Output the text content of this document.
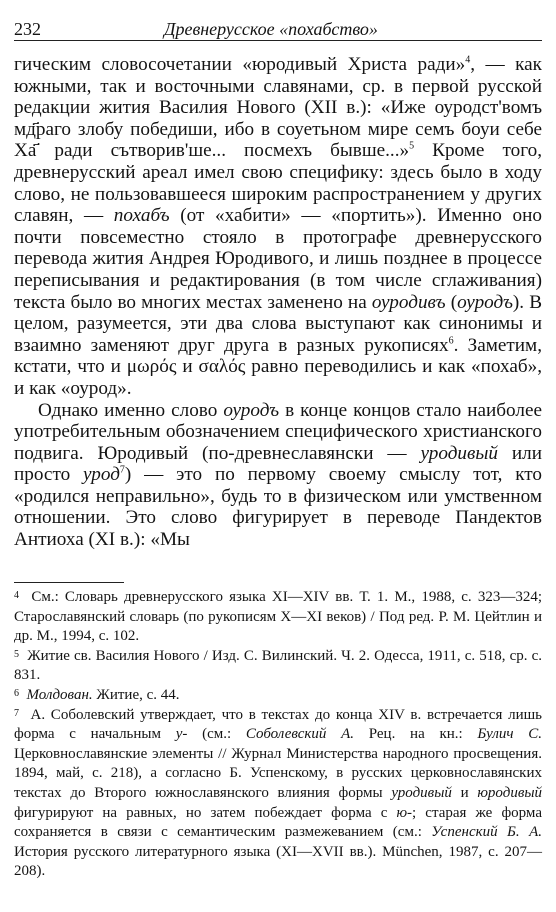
232	Древнерусское «похабство»

гическим словосочетании «юродивый Христа ради»$^4$, — как южными, так и восточными славянами, ср. в первой русской редакции жития Василия Нового (XII в.): «Иже оуродст'вомъ мд҃раго злобу победиши, ибо в соуетьном мире семъ боуи себе Ха҃ ради сътворив'ше... посмехъ бывше...»$^5$ Кроме того, древнерусский ареал имел свою специфику: здесь было в ходу слово, не пользовавшееся широким распространением у других славян, — похабъ (от «хабити» — «портить»). Именно оно почти повсеместно стояло в протографе древнерусского перевода жития Андрея Юродивого, и лишь позднее в процессе переписывания и редактирования (в том числе сглаживания) текста было во многих местах заменено на оуродивъ (оуродъ). В целом, разумеется, эти два слова выступают как синонимы и взаимно заменяют друг друга в разных рукописях$^6$. Заметим, кстати, что и μωρός и σαλός равно переводились и как «похаб», и как «оурод».

Однако именно слово оуродъ в конце концов стало наиболее употребительным обозначением специфического христианского подвига. Юродивый (по-древнеславянски — уродивый или просто урод$^7$) — это по первому своему смыслу тот, кто «родился неправильно», будь то в физическом или умственном отношении. Это слово фигурирует в переводе Пандектов Антиоха (XI в.): «Мы

$^4$ См.: Словарь древнерусского языка XI—XIV вв. Т. 1. М., 1988, с. 323—324; Старославянский словарь (по рукописям X—XI веков) / Под ред. Р. М. Цейтлин и др. М., 1994, с. 102.

$^5$ Житие св. Василия Нового / Изд. С. Вилинский. Ч. 2. Одесса, 1911, с. 518, ср. с. 831.

$^6$ Молдован. Житие, с. 44.

$^7$ А. Соболевский утверждает, что в текстах до конца XIV в. встречается лишь форма с начальным у- (см.: Соболевский А. Рец. на кн.: Булич С. Церковнославянские элементы // Журнал Министерства народного просвещения. 1894, май, с. 218), а согласно Б. Успенскому, в русских церковнославянских текстах до Второго южнославянского влияния формы уродивый и юродивый фигурируют на равных, но затем побеждает форма с ю-; старая же форма сохраняется в связи с семантическим размежеванием (см.: Успенский Б. А. История русского литературного языка (XI—XVII вв.). München, 1987, с. 207—208).
